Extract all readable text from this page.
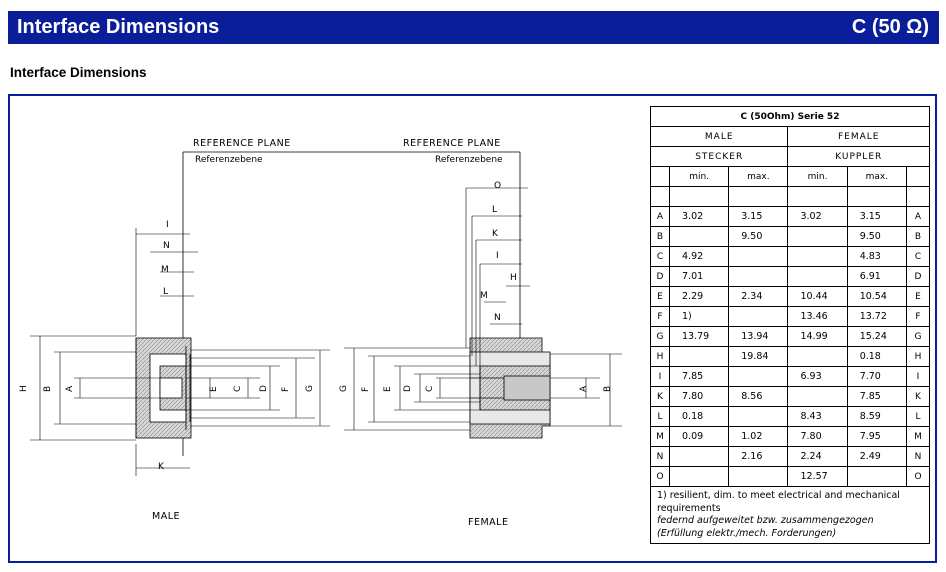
Interface Dimensions	C (50 Ω)
Interface Dimensions
REFERENCE PLANE
Referenzebene
REFERENCE PLANE
Referenzebene
H B A	E C D F G
I
N
M
L
K
MALE
G F E D C	A B
O
L
K
I
H
M
N
FEMALE
C (50Ohm) Serie 52					
MALE			FEMALE		
STECKER			KUPPLER		
	min.	max.	min.	max.	

A	3.02	3.15	3.02	3.15	A
B		9.50		9.50	B
C	4.92			4.83	C
D	7.01			6.91	D
E	2.29	2.34	10.44	10.54	E
F	1)		13.46	13.72	F
G	13.79	13.94	14.99	15.24	G
H		19.84		0.18	H
I	7.85		6.93	7.70	I
K	7.80	8.56		7.85	K
L	0.18		8.43	8.59	L
M	0.09	1.02	7.80	7.95	M
N		2.16	2.24	2.49	N
O			12.57		O

1) resilient, dim. to meet electrical and mechanical requirements
federnd aufgeweitet bzw. zusammengezogen
(Erfüllung elektr./mech. Forderungen)					
